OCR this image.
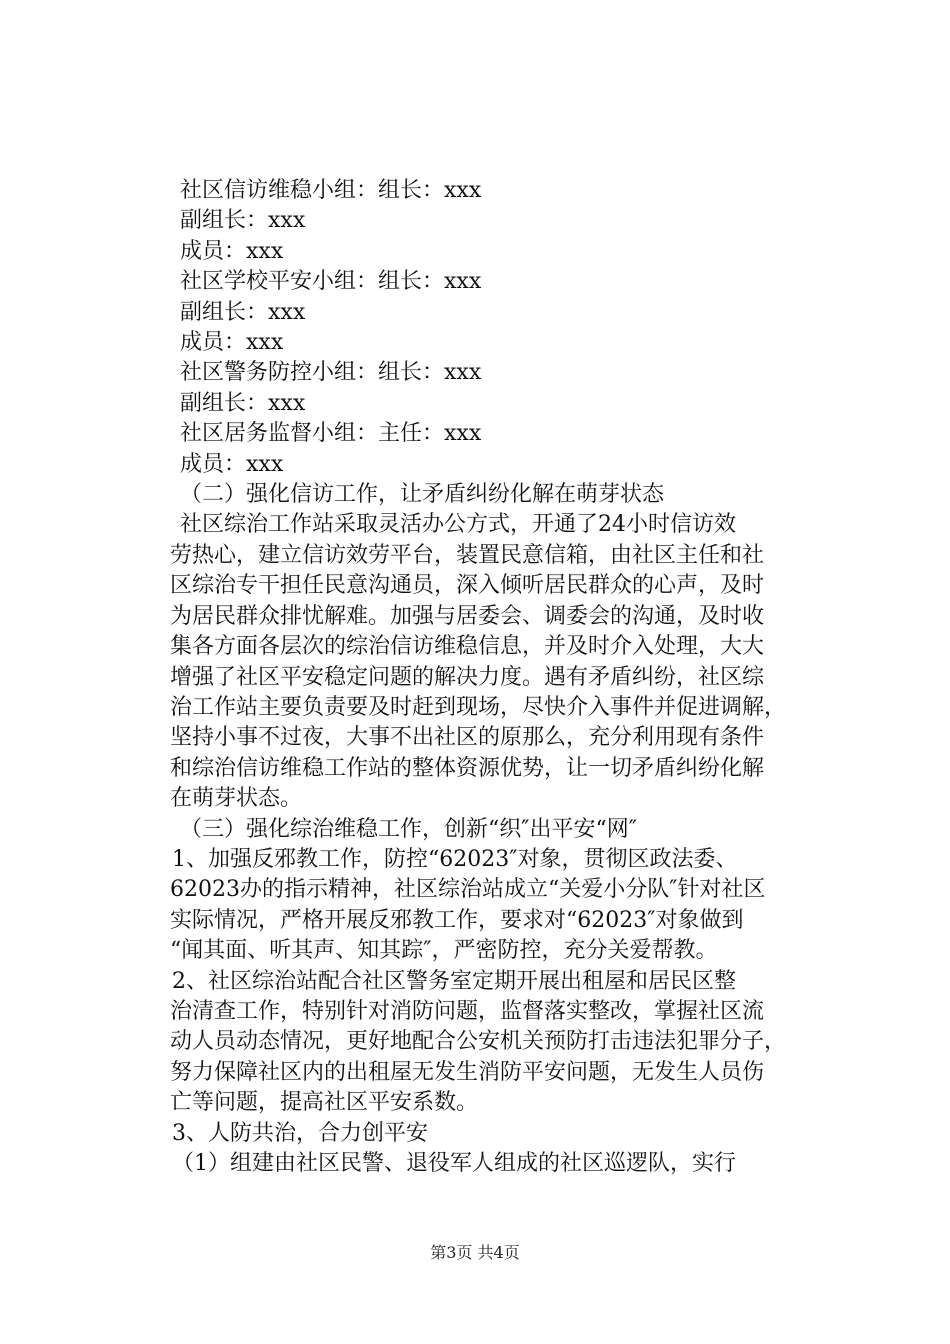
社区信访维稳小组：组长：xxx
副组长：xxx
成员：xxx
社区学校平安小组：组长：xxx
副组长：xxx
成员：xxx
社区警务防控小组：组长：xxx
副组长：xxx
社区居务监督小组：主任：xxx
成员：xxx
（二）强化信访工作，让矛盾纠纷化解在萌芽状态
社区综治工作站采取灵活办公方式，开通了24小时信访效
劳热心，建立信访效劳平台，装置民意信箱，由社区主任和社
区综治专干担任民意沟通员，深入倾听居民群众的心声，及时
为居民群众排忧解难。加强与居委会、调委会的沟通，及时收
集各方面各层次的综治信访维稳信息，并及时介入处理，大大
增强了社区平安稳定问题的解决力度。遇有矛盾纠纷，社区综
治工作站主要负责要及时赶到现场，尽快介入事件并促进调解，
坚持小事不过夜，大事不出社区的原那么，充分利用现有条件
和综治信访维稳工作站的整体资源优势，让一切矛盾纠纷化解
在萌芽状态。
（三）强化综治维稳工作，创新“织″出平安“网″
1、加强反邪教工作，防控“62023″对象，贯彻区政法委、
62023办的指示精神，社区综治站成立“关爱小分队″针对社区
实际情况，严格开展反邪教工作，要求对“62023″对象做到
“闻其面、听其声、知其踪″，严密防控，充分关爱帮教。
2、社区综治站配合社区警务室定期开展出租屋和居民区整
治清查工作，特别针对消防问题，监督落实整改，掌握社区流
动人员动态情况，更好地配合公安机关预防打击违法犯罪分子，
努力保障社区内的出租屋无发生消防平安问题，无发生人员伤
亡等问题，提高社区平安系数。
3、人防共治，合力创平安
（1）组建由社区民警、退役军人组成的社区巡逻队，实行
第3页 共4页
